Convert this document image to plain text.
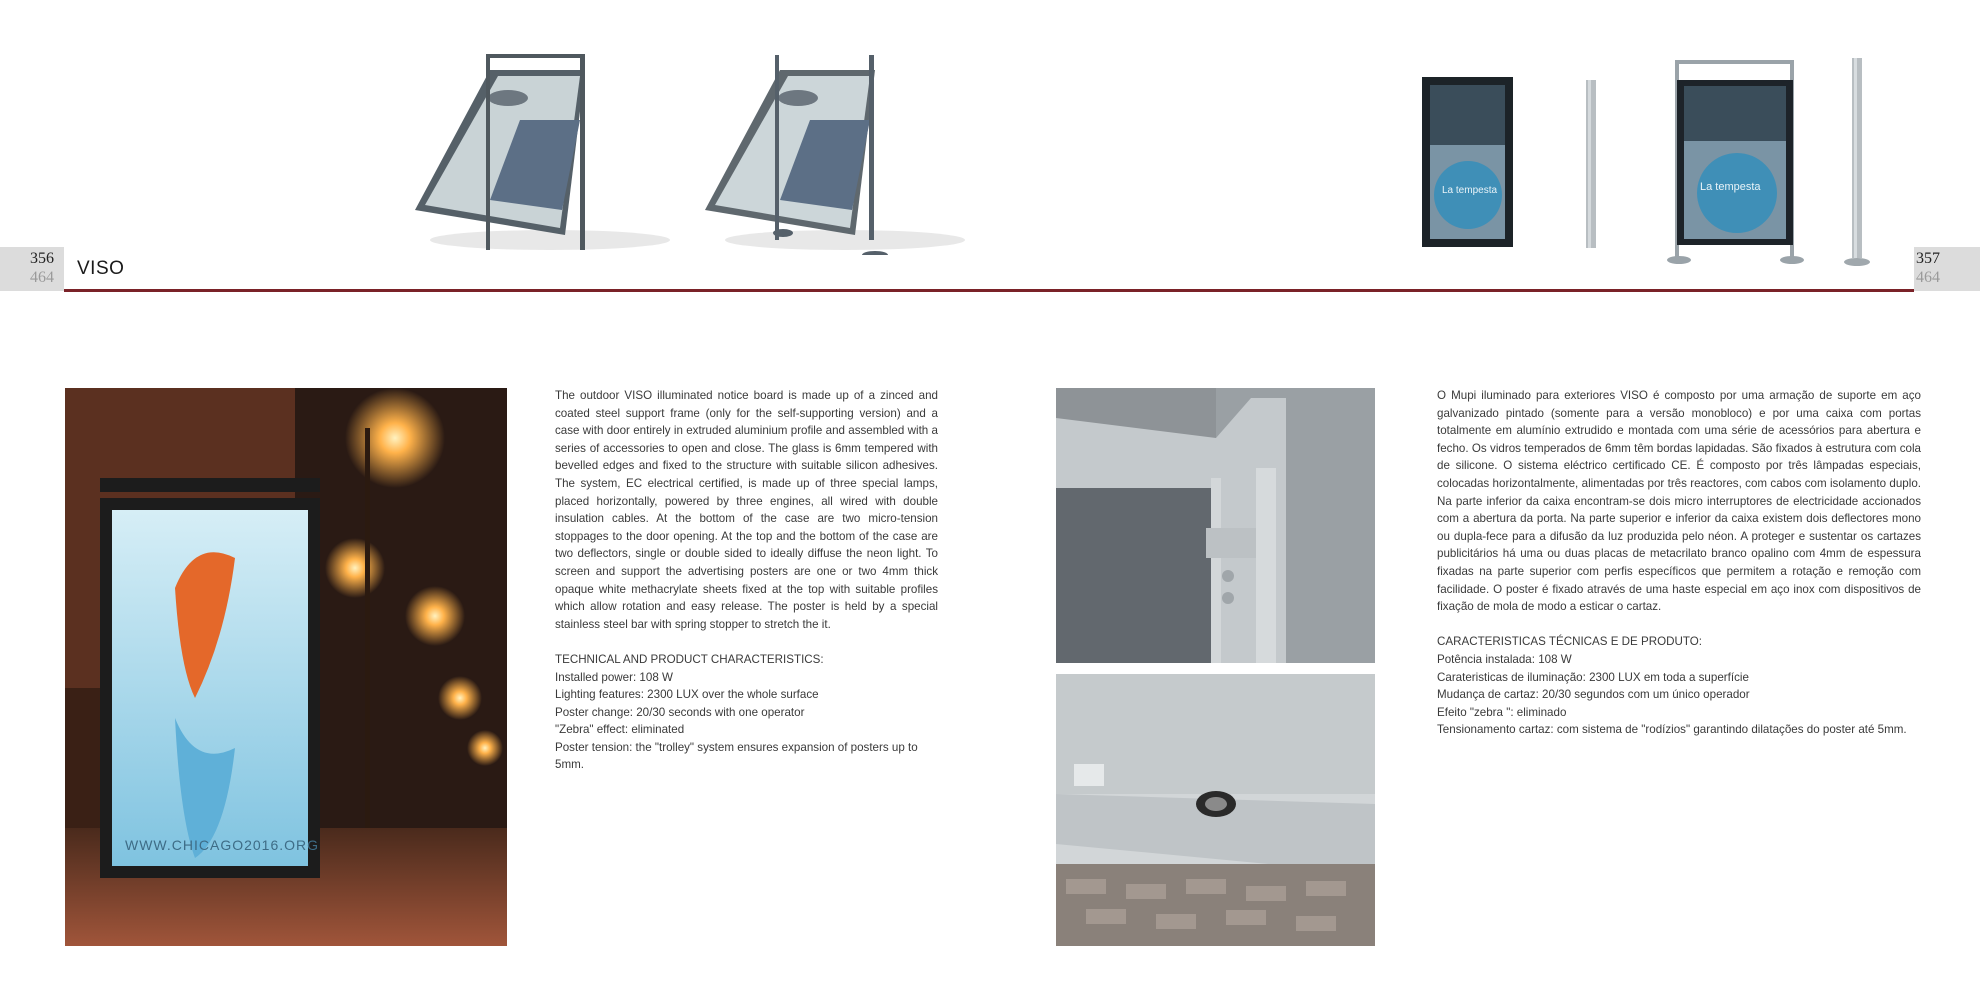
La tempesta	La tempesta
356
464
357
464
VISO
WWW.CHICAGO2016.ORG

The outdoor VISO illuminated notice board is made up of a zinced and coated steel support frame (only for the self-supporting version) and a case with door entirely in extruded aluminium profile and assembled with a series of accessories to open and close. The glass is 6mm tempered with bevelled edges and fixed to the structure with suitable silicon adhesives. The system, EC electrical certified, is made up of three special lamps, placed horizontally, powered by three engines, all wired with double insulation cables. At the bottom of the case are two micro-tension stoppages to the door opening. At the top and the bottom of the case are two deflectors, single or double sided to ideally diffuse the neon light. To screen and support the advertising posters are one or two 4mm thick opaque white methacrylate sheets fixed at the top with suitable profiles which allow rotation and easy release. The poster is held by a special stainless steel bar with spring stopper to stretch the it.

TECHNICAL AND PRODUCT CHARACTERISTICS:
Installed power: 108 W
Lighting features: 2300 LUX over the whole surface
Poster change: 20/30 seconds with one operator
"Zebra" effect: eliminated
Poster tension: the "trolley" system ensures expansion of posters up to 5mm.

O Mupi iluminado para exteriores VISO é composto por uma armação de suporte em aço galvanizado pintado (somente para a versão monobloco) e por uma caixa com portas totalmente em alumínio extrudido e montada com uma série de acessórios para abertura e fecho. Os vidros temperados de 6mm têm bordas lapidadas. São fixados à estrutura com cola de silicone. O sistema eléctrico certificado CE. É composto por três lâmpadas especiais, colocadas horizontalmente, alimentadas por três reactores, com cabos com isolamento duplo. Na parte inferior da caixa encontram-se dois micro interruptores de electricidade accionados com a abertura da porta. Na parte superior e inferior da caixa existem dois deflectores mono ou dupla-fece para a difusão da luz produzida pelo néon. A proteger e sustentar os cartazes publicitários há uma ou duas placas de metacrilato branco opalino com 4mm de espessura fixadas na parte superior com perfis específicos que permitem a rotação e remoção com facilidade. O poster é fixado através de uma haste especial em aço inox com dispositivos de fixação de mola de modo a esticar o cartaz.

CARACTERISTICAS TÉCNICAS E DE PRODUTO:
Potência instalada: 108 W
Carateristicas de iluminação: 2300 LUX em toda a superfície
Mudança de cartaz: 20/30 segundos com um único operador
Efeito "zebra ": eliminado
Tensionamento cartaz: com sistema de "rodízios" garantindo dilatações do poster até 5mm.
